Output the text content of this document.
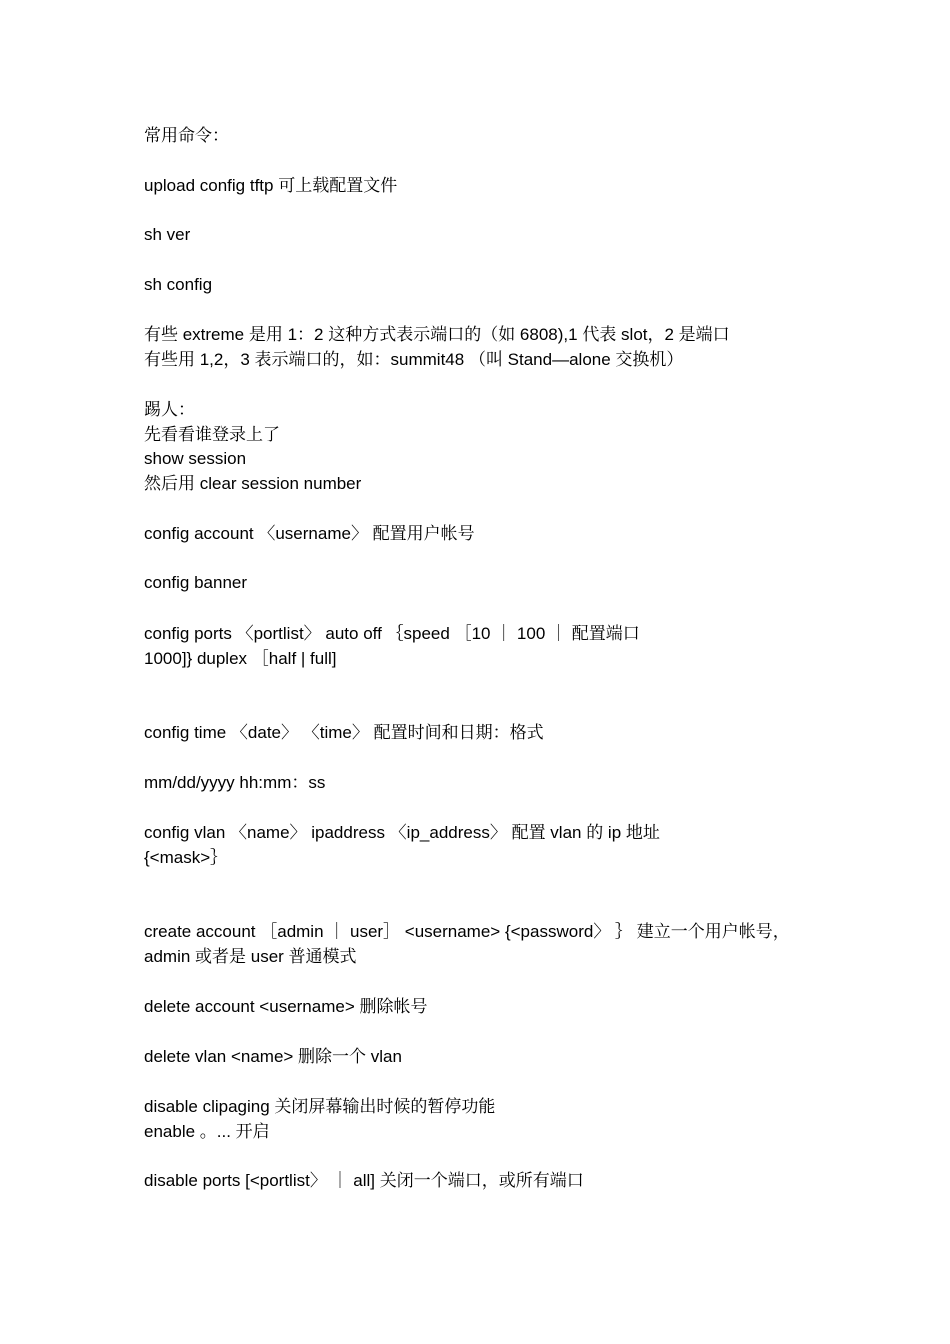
常用命令：
upload config tftp 可上载配置文件
sh ver
sh config
有些 extreme 是用 1：2 这种方式表示端口的（如 6808),1 代表 slot，2 是端口
有些用 1,2，3 表示端口的，如：summit48 （叫 Stand—alone 交换机）
踢人：
先看看谁登录上了
show session
然后用 clear session number
config account 〈username〉 配置用户帐号
config banner
config ports 〈portlist〉 auto off ｛speed ［10 ｜ 100 ｜ 配置端口
1000]} duplex ［half | full]
config time 〈date〉 〈time〉 配置时间和日期：格式
mm/dd/yyyy hh:mm：ss
config vlan 〈name〉 ipaddress 〈ip_address〉 配置 vlan 的 ip 地址
{<mask>｝
create account ［admin ｜ user］ <username> {<password〉 ｝ 建立一个用户帐号，
admin 或者是 user 普通模式
delete account <username> 删除帐号
delete vlan <name> 删除一个 vlan
disable clipaging 关闭屏幕输出时候的暂停功能
enable 。... 开启
disable ports [<portlist〉 ｜ all] 关闭一个端口，或所有端口
